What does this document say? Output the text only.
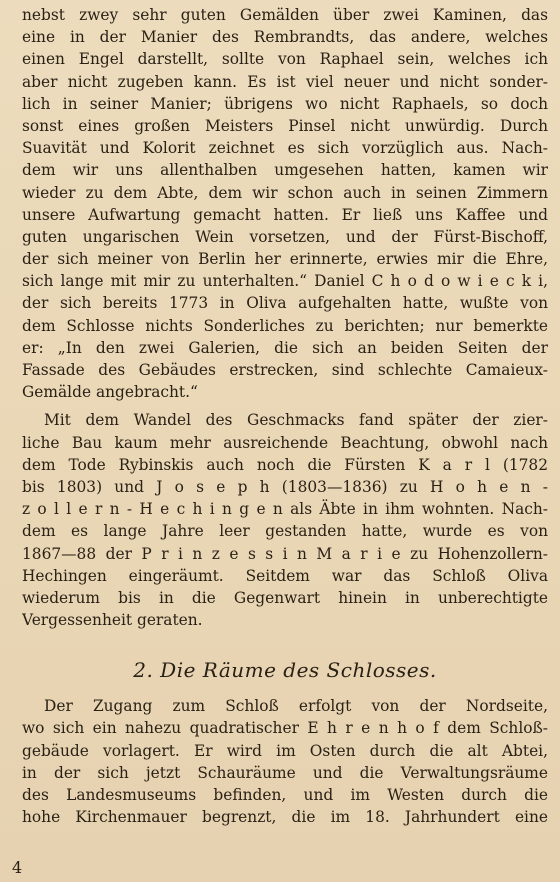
nebst zwey sehr guten Gemälden über zwei Kaminen, das
eine in der Manier des Rembrandts, das andere, welches
einen Engel darstellt, sollte von Raphael sein, welches ich
aber nicht zugeben kann. Es ist viel neuer und nicht sonder-
lich in seiner Manier; übrigens wo nicht Raphaels, so doch
sonst eines großen Meisters Pinsel nicht unwürdig. Durch
Suavität und Kolorit zeichnet es sich vorzüglich aus. Nach-
dem wir uns allenthalben umgesehen hatten, kamen wir
wieder zu dem Abte, dem wir schon auch in seinen Zimmern
unsere Aufwartung gemacht hatten. Er ließ uns Kaffee und
guten ungarischen Wein vorsetzen, und der Fürst-Bischoff,
der sich meiner von Berlin her erinnerte, erwies mir die Ehre,
sich lange mit mir zu unterhalten.“ Daniel C h o d o w i e c k i,
der sich bereits 1773 in Oliva aufgehalten hatte, wußte von
dem Schlosse nichts Sonderliches zu berichten; nur bemerkte
er: „In den zwei Galerien, die sich an beiden Seiten der
Fassade des Gebäudes erstrecken, sind schlechte Camaieux-
Gemälde angebracht.“
Mit dem Wandel des Geschmacks fand später der zier-
liche Bau kaum mehr ausreichende Beachtung, obwohl nach
dem Tode Rybinskis auch noch die Fürsten K a r l (1782
bis 1803) und J o s e p h (1803—1836) zu H o h e n -
z o l l e r n - H e c h i n g e n als Äbte in ihm wohnten. Nach-
dem es lange Jahre leer gestanden hatte, wurde es von
1867—88 der P r i n z e s s i n M a r i e zu Hohenzollern-
Hechingen eingeräumt. Seitdem war das Schloß Oliva
wiederum bis in die Gegenwart hinein in unberechtigte
Vergessenheit geraten.
2. Die Räume des Schlosses.
Der Zugang zum Schloß erfolgt von der Nordseite,
wo sich ein nahezu quadratischer E h r e n h o f dem Schloß-
gebäude vorlagert. Er wird im Osten durch die alt Abtei,
in der sich jetzt Schauräume und die Verwaltungsräume
des Landesmuseums befinden, und im Westen durch die
hohe Kirchenmauer begrenzt, die im 18. Jahrhundert eine
4
